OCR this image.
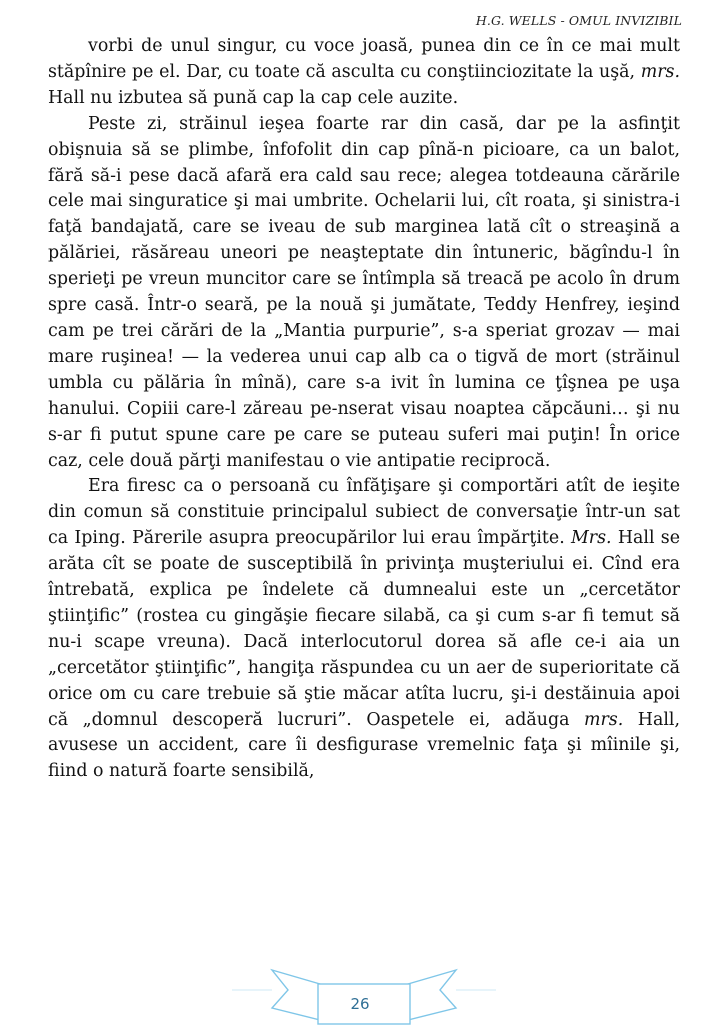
H.G. WELLS - OMUL INVIZIBIL

vorbi de unul singur, cu voce joasă, punea din ce în ce mai mult stăpînire pe el. Dar, cu toate că asculta cu conştiinciozitate la uşă, mrs. Hall nu izbutea să pună cap la cap cele auzite.

Peste zi, străinul ieşea foarte rar din casă, dar pe la asfinţit obişnuia să se plimbe, înfofolit din cap pînă-n picioare, ca un balot, fără să-i pese dacă afară era cald sau rece; alegea totdeauna cărările cele mai singuratice şi mai umbrite. Ochelarii lui, cît roata, şi sinistra-i faţă bandajată, care se iveau de sub marginea lată cît o streaşină a pălăriei, răsăreau uneori pe neaşteptate din întuneric, băgîndu-l în sperieţi pe vreun muncitor care se întîmpla să treacă pe acolo în drum spre casă. Într-o seară, pe la nouă şi jumătate, Teddy Henfrey, ieşind cam pe trei cărări de la „Mantia purpurie”, s-a speriat grozav — mai mare ruşinea! — la vederea unui cap alb ca o tigvă de mort (străinul umbla cu pălăria în mînă), care s-a ivit în lumina ce ţîşnea pe uşa hanului. Copiii care-l zăreau pe-nserat visau noaptea căpcăuni… şi nu s-ar fi putut spune care pe care se puteau suferi mai puţin! În orice caz, cele două părţi manifestau o vie antipatie reciprocă.

Era firesc ca o persoană cu înfăţişare şi comportări atît de ieşite din comun să constituie principalul subiect de conversaţie într-un sat ca Iping. Părerile asupra preocupărilor lui erau împărţite. Mrs. Hall se arăta cît se poate de susceptibilă în privinţa muşteriului ei. Cînd era întrebată, explica pe îndelete că dumnealui este un „cercetător ştiinţific” (rostea cu gingăşie fiecare silabă, ca şi cum s-ar fi temut să nu-i scape vreuna). Dacă interlocutorul dorea să afle ce-i aia un „cercetător ştiinţific”, hangiţa răspundea cu un aer de superioritate că orice om cu care trebuie să ştie măcar atîta lucru, şi-i destăinuia apoi că „domnul descoperă lucruri”. Oaspetele ei, adăuga mrs. Hall, avusese un accident, care îi desfigurase vremelnic faţa şi mîinile şi, fiind o natură foarte sensibilă,

26
